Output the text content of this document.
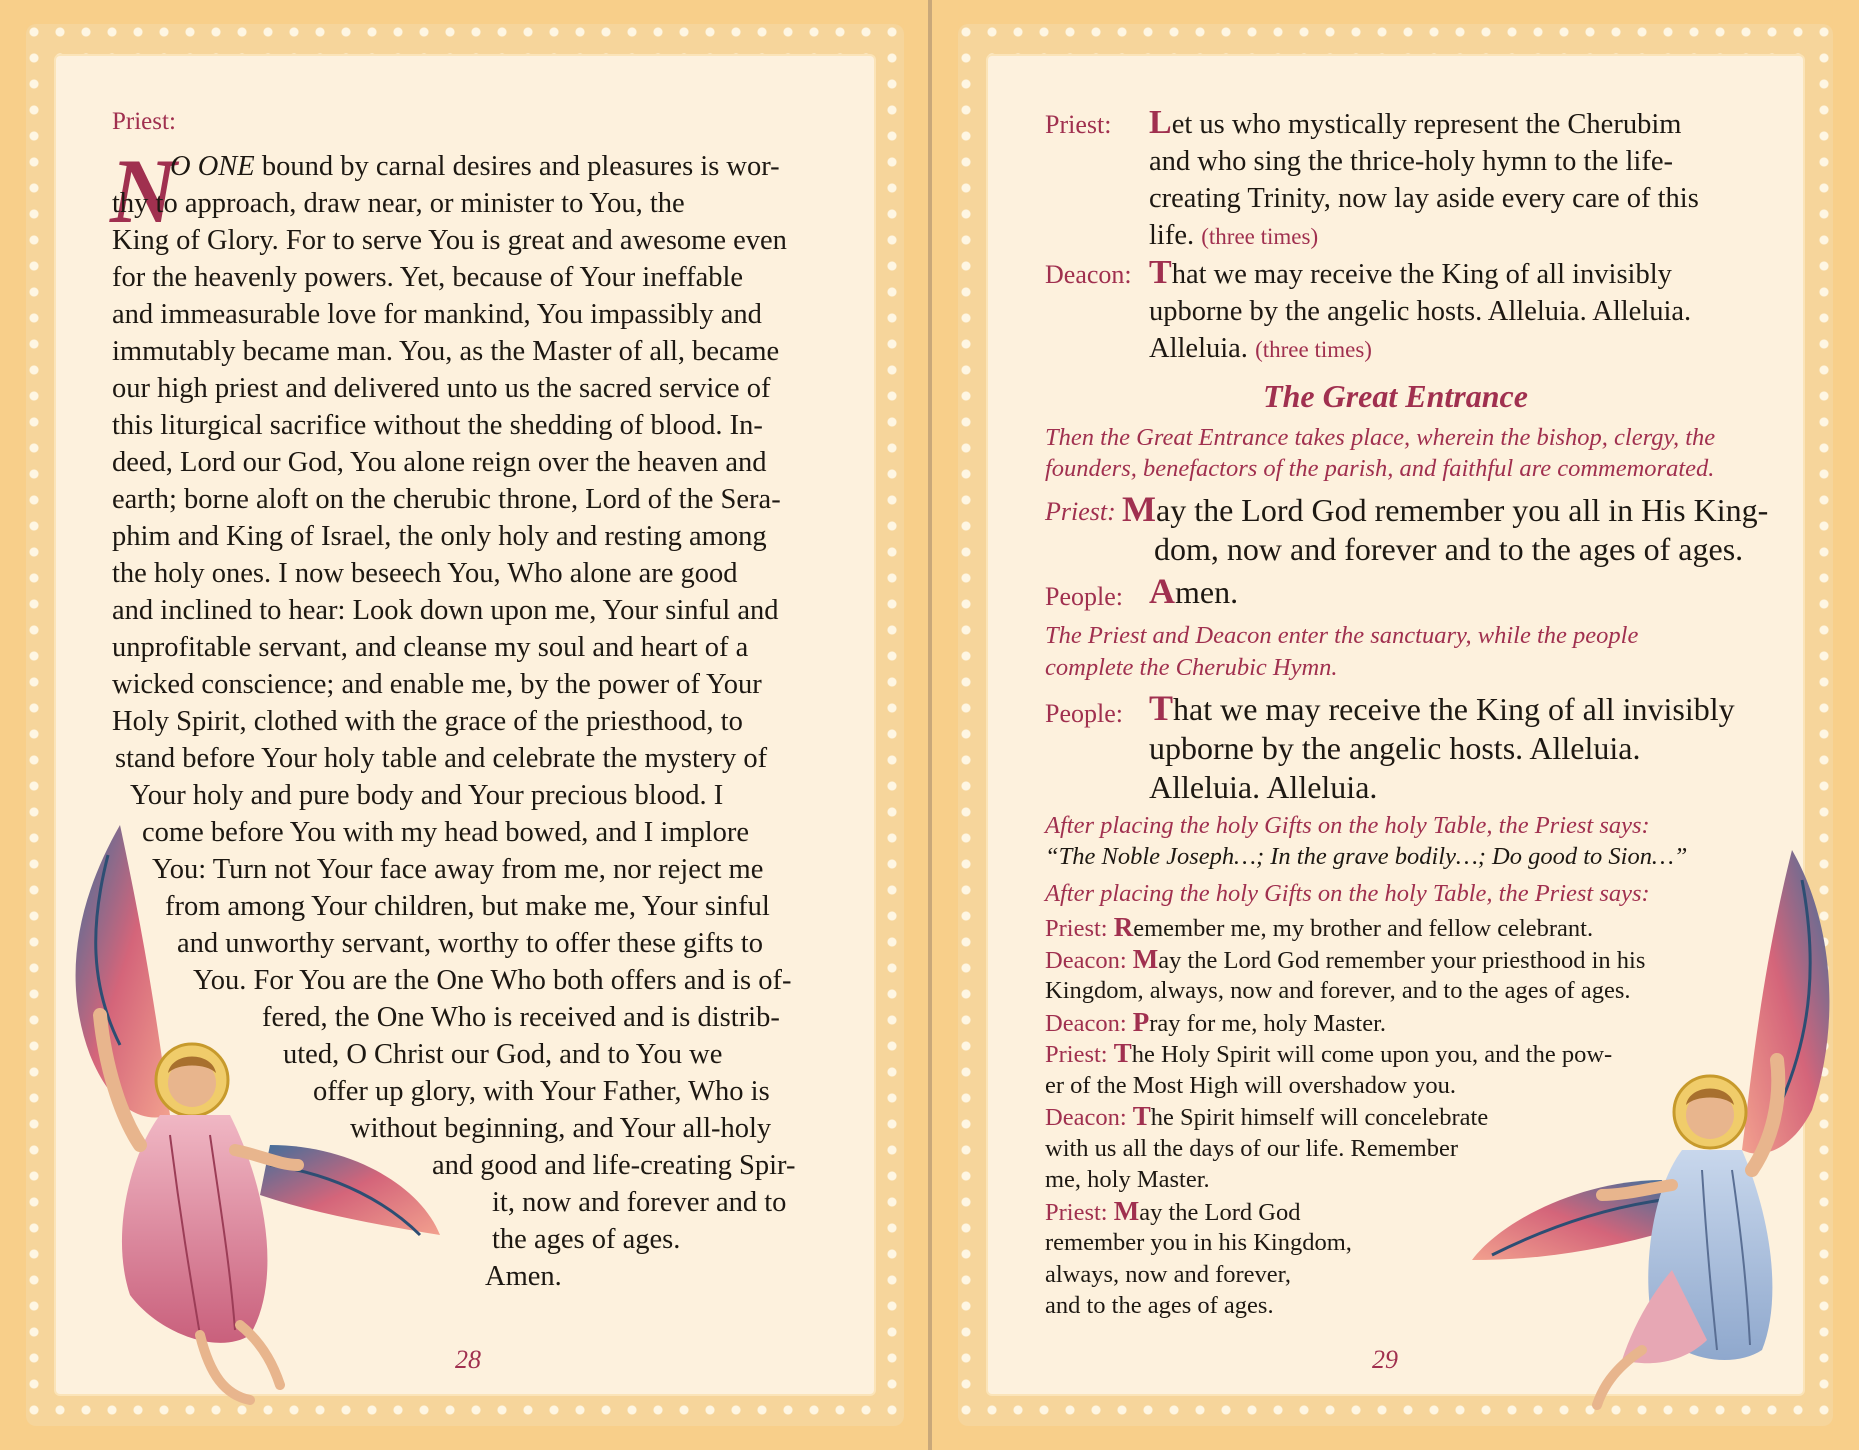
Priest:
N
O ONE bound by carnal desires and pleasures is wor-
thy to approach, draw near, or minister to You, the
King of Glory. For to serve You is great and awesome even
for the heavenly powers. Yet, because of Your ineffable
and immeasurable love for mankind, You impassibly and
immutably became man. You, as the Master of all, became
our high priest and delivered unto us the sacred service of
this liturgical sacrifice without the shedding of blood. In-
deed, Lord our God, You alone reign over the heaven and
earth; borne aloft on the cherubic throne, Lord of the Sera-
phim and King of Israel, the only holy and resting among
the holy ones. I now beseech You, Who alone are good
and inclined to hear: Look down upon me, Your sinful and
unprofitable servant, and cleanse my soul and heart of a
wicked conscience; and enable me, by the power of Your
Holy Spirit, clothed with the grace of the priesthood, to
stand before Your holy table and celebrate the mystery of
Your holy and pure body and Your precious blood. I
come before You with my head bowed, and I implore
You: Turn not Your face away from me, nor reject me
from among Your children, but make me, Your sinful
and unworthy servant, worthy to offer these gifts to
You. For You are the One Who both offers and is of-
fered, the One Who is received and is distrib-
uted, O Christ our God, and to You we
offer up glory, with Your Father, Who is
without beginning, and Your all-holy
and good and life-creating Spir-
it, now and forever and to
the ages of ages.
Amen.
28
Priest: Let us who mystically represent the Cherubim
and who sing the thrice-holy hymn to the life-
creating Trinity, now lay aside every care of this
life. (three times)
Deacon: That we may receive the King of all invisibly
upborne by the angelic hosts. Alleluia. Alleluia.
Alleluia. (three times)
The Great Entrance
Then the Great Entrance takes place, wherein the bishop, clergy, the
founders, benefactors of the parish, and faithful are commemorated.
Priest: May the Lord God remember you all in His King-
dom, now and forever and to the ages of ages.
People: Amen.
The Priest and Deacon enter the sanctuary, while the people
complete the Cherubic Hymn.
People: That we may receive the King of all invisibly
upborne by the angelic hosts. Alleluia.
Alleluia. Alleluia.
After placing the holy Gifts on the holy Table, the Priest says:
“The Noble Joseph…; In the grave bodily…; Do good to Sion…”
After placing the holy Gifts on the holy Table, the Priest says:
29
Priest: Remember me, my brother and fellow celebrant.
Deacon: May the Lord God remember your priesthood in his
Kingdom, always, now and forever, and to the ages of ages.
Deacon: Pray for me, holy Master.
Priest: The Holy Spirit will come upon you, and the pow-
er of the Most High will overshadow you.
Deacon: The Spirit himself will concelebrate
with us all the days of our life. Remember
me, holy Master.
Priest: May the Lord God
remember you in his Kingdom,
always, now and forever,
and to the ages of ages.
